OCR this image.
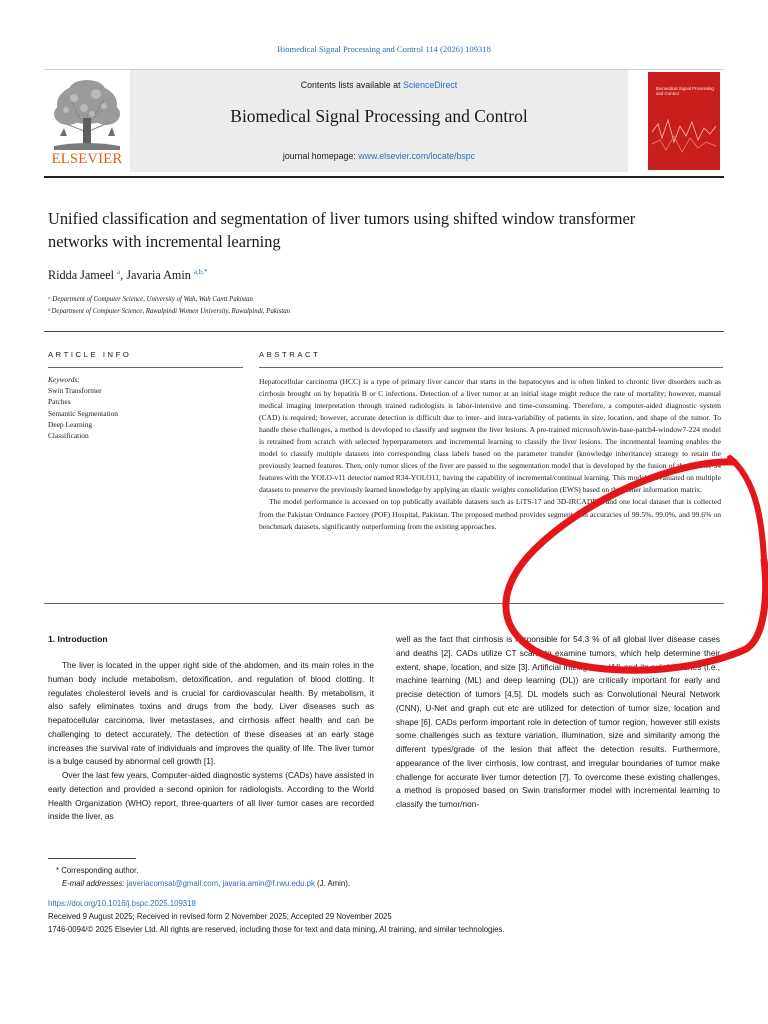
Biomedical Signal Processing and Control 114 (2026) 109318
Contents lists available at ScienceDirect
Biomedical Signal Processing and Control
journal homepage: www.elsevier.com/locate/bspc
ELSEVIER
Biomedical Signal Processing and Control
Unified classification and segmentation of liver tumors using shifted window transformer networks with incremental learning
Ridda Jameel $^a$, Javaria Amin $^{a,b,*}$
ᵃ Department of Computer Science, University of Wah, Wah Cantt Pakistan
ᵇ Department of Computer Science, Rawalpindi Women University, Rawalpindi, Pakistan
ARTICLE INFO
Keywords:
Swin Transformer
Patches
Semantic Segmentation
Deep Learning
Classification
ABSTRACT

Hepatocellular carcinoma (HCC) is a type of primary liver cancer that starts in the hepatocytes and is often linked to chronic liver disorders such as cirrhosis brought on by hepatitis B or C infections. Detection of a liver tumor at an initial stage might reduce the rate of mortality; however, manual medical imaging interpretation through trained radiologists is labor-intensive and time-consuming. Therefore, a computer-aided diagnostic system (CAD) is required; however, accurate detection is difficult due to inter- and intra-variability of patients in size, location, and shape of the tumor. To handle these challenges, a method is developed to classify and segment the liver lesions. A pre-trained microsoft/swin-base-patch4-window7-224 model is retrained from scratch with selected hyperparameters and incremental learning to classify the liver lesions. The incremental learning enables the model to classify multiple datasets into corresponding class labels based on the parameter transfer (knowledge inheritance) strategy to retain the previously learned features. Then, only tumor slices of the liver are passed to the segmentation model that is developed by the fusion of the ResNet-34 features with the YOLO-v11 detector named R34-YOLO11, having the capability of incremental/continual learning. This model is evaluated on multiple datasets to preserve the previously learned knowledge by applying an elastic weights consolidation (EWS) based on the Fisher information matrix.

The model performance is accessed on top publically available datasets such as LiTS-17 and 3D-IRCADB-1 and one local dataset that is collected from the Pakistan Ordnance Factory (POF) Hospital, Pakistan. The proposed method provides segmentation accuracies of 99.5%, 99.0%, and 99.6% on benchmark datasets, significantly outperforming from the existing approaches.

1. Introduction

The liver is located in the upper right side of the abdomen, and its main roles in the human body include metabolism, detoxification, and regulation of blood clotting. It regulates cholesterol levels and is crucial for cardiovascular health. By metabolism, it also safely eliminates toxins and drugs from the body. Liver diseases such as hepatocellular carcinoma, liver metastases, and cirrhosis affect health and can be challenging to detect accurately. The detection of these diseases at an early stage increases the survival rate of individuals and improves the quality of life. The liver tumor is a bulge caused by abnormal cell growth [1].

Over the last few years, Computer-aided diagnostic systems (CADs) have assisted in early detection and provided a second opinion for radiologists. According to the World Health Organization (WHO) report, three-quarters of all liver tumor cases are recorded inside the liver, as

well as the fact that cirrhosis is responsible for 54.3 % of all global liver disease cases and deaths [2]. CADs utilize CT scans to examine tumors, which help determine their extent, shape, location, and size [3]. Artificial intelligence (AI) and its sub-branches (i.e., machine learning (ML) and deep learning (DL)) are critically important for early and precise detection of tumors [4,5]. DL models such as Convolutional Neural Network (CNN), U-Net and graph cut etc are utilized for detection of tumor size, location and shape [6]. CADs perform important role in detection of tumor region, however still exists some challenges such as texture variation, illumination, size and similarity among the different types/grade of the lesion that affect the detection results. Furthermore, appearance of the liver cirrhosis, low contrast, and irregular boundaries of tumor make challenge for accurate liver tumor detection [7]. To overcome these existing challenges, a method is proposed based on Swin transformer model with incremental learning to classify the tumor/non-

* Corresponding author.
E-mail addresses: javeriacomsat@gmail.com, javaria.amin@f.rwu.edu.pk (J. Amin).
https://doi.org/10.1016/j.bspc.2025.109318
Received 9 August 2025; Received in revised form 2 November 2025; Accepted 29 November 2025
1746-0094/© 2025 Elsevier Ltd. All rights are reserved, including those for text and data mining, AI training, and similar technologies.
